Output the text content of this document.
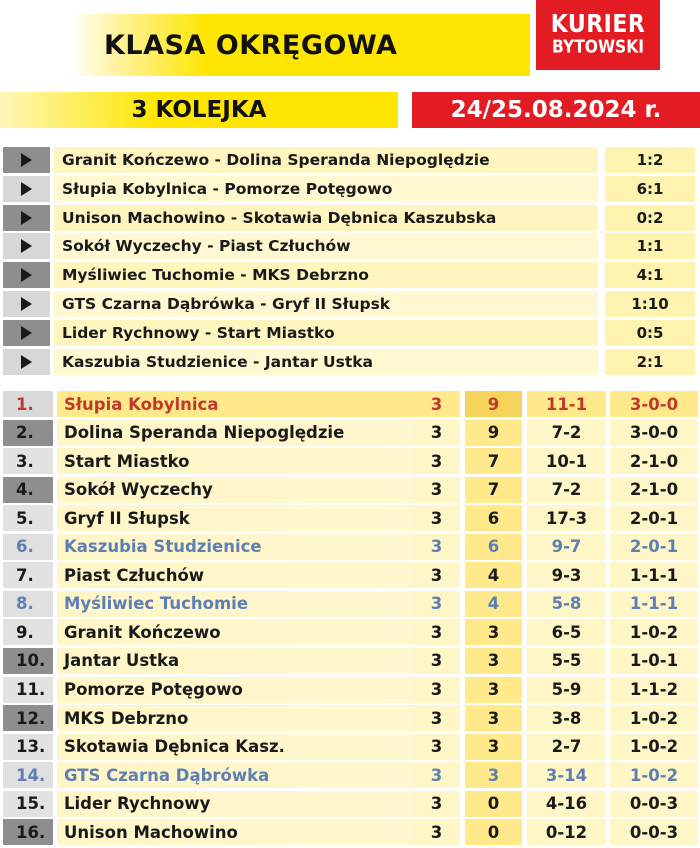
KLASA OKRĘGOWA
KURIER
BYTOWSKI
3 KOLEJKA	24/25.08.2024 r.
Granit Kończewo - Dolina Speranda Niepoględzie	1:2
Słupia Kobylnica - Pomorze Potęgowo	6:1
Unison Machowino - Skotawia Dębnica Kaszubska	0:2
Sokół Wyczechy - Piast Człuchów	1:1
Myśliwiec Tuchomie - MKS Debrzno	4:1
GTS Czarna Dąbrówka - Gryf II Słupsk	1:10
Lider Rychnowy - Start Miastko	0:5
Kaszubia Studzienice - Jantar Ustka	2:1
1.	Słupia Kobylnica	3	9	11-1	3-0-0
2.	Dolina Speranda Niepoględzie	3	9	7-2	3-0-0
3.	Start Miastko	3	7	10-1	2-1-0
4.	Sokół Wyczechy	3	7	7-2	2-1-0
5.	Gryf II Słupsk	3	6	17-3	2-0-1
6.	Kaszubia Studzienice	3	6	9-7	2-0-1
7.	Piast Człuchów	3	4	9-3	1-1-1
8.	Myśliwiec Tuchomie	3	4	5-8	1-1-1
9.	Granit Kończewo	3	3	6-5	1-0-2
10.	Jantar Ustka	3	3	5-5	1-0-1
11.	Pomorze Potęgowo	3	3	5-9	1-1-2
12.	MKS Debrzno	3	3	3-8	1-0-2
13.	Skotawia Dębnica Kasz.	3	3	2-7	1-0-2
14.	GTS Czarna Dąbrówka	3	3	3-14	1-0-2
15.	Lider Rychnowy	3	0	4-16	0-0-3
16.	Unison Machowino	3	0	0-12	0-0-3
